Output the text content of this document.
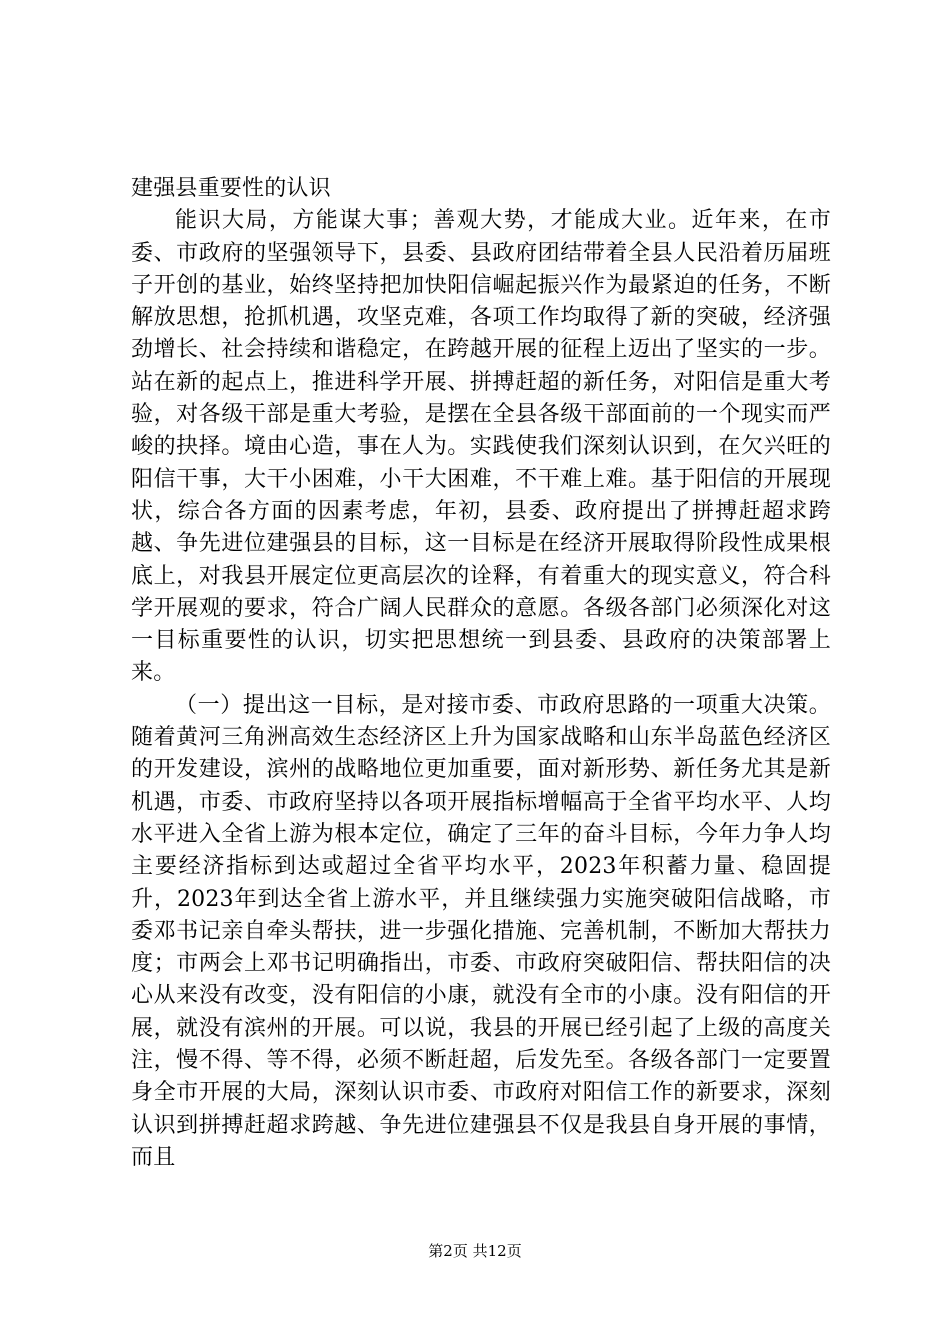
建强县重要性的认识

能识大局，方能谋大事；善观大势，才能成大业。近年来，在市委、市政府的坚强领导下，县委、县政府团结带着全县人民沿着历届班子开创的基业，始终坚持把加快阳信崛起振兴作为最紧迫的任务，不断解放思想，抢抓机遇，攻坚克难，各项工作均取得了新的突破，经济强劲增长、社会持续和谐稳定，在跨越开展的征程上迈出了坚实的一步。站在新的起点上，推进科学开展、拼搏赶超的新任务，对阳信是重大考验，对各级干部是重大考验，是摆在全县各级干部面前的一个现实而严峻的抉择。境由心造，事在人为。实践使我们深刻认识到，在欠兴旺的阳信干事，大干小困难，小干大困难，不干难上难。基于阳信的开展现状，综合各方面的因素考虑，年初，县委、政府提出了拼搏赶超求跨越、争先进位建强县的目标，这一目标是在经济开展取得阶段性成果根底上，对我县开展定位更高层次的诠释，有着重大的现实意义，符合科学开展观的要求，符合广阔人民群众的意愿。各级各部门必须深化对这一目标重要性的认识，切实把思想统一到县委、县政府的决策部署上来。

（一）提出这一目标，是对接市委、市政府思路的一项重大决策。随着黄河三角洲高效生态经济区上升为国家战略和山东半岛蓝色经济区的开发建设，滨州的战略地位更加重要，面对新形势、新任务尤其是新机遇，市委、市政府坚持以各项开展指标增幅高于全省平均水平、人均水平进入全省上游为根本定位，确定了三年的奋斗目标，今年力争人均主要经济指标到达或超过全省平均水平，2023年积蓄力量、稳固提升，2023年到达全省上游水平，并且继续强力实施突破阳信战略，市委邓书记亲自牵头帮扶，进一步强化措施、完善机制，不断加大帮扶力度；市两会上邓书记明确指出，市委、市政府突破阳信、帮扶阳信的决心从来没有改变，没有阳信的小康，就没有全市的小康。没有阳信的开展，就没有滨州的开展。可以说，我县的开展已经引起了上级的高度关注，慢不得、等不得，必须不断赶超，后发先至。各级各部门一定要置身全市开展的大局，深刻认识市委、市政府对阳信工作的新要求，深刻认识到拼搏赶超求跨越、争先进位建强县不仅是我县自身开展的事情，而且

第2页 共12页
